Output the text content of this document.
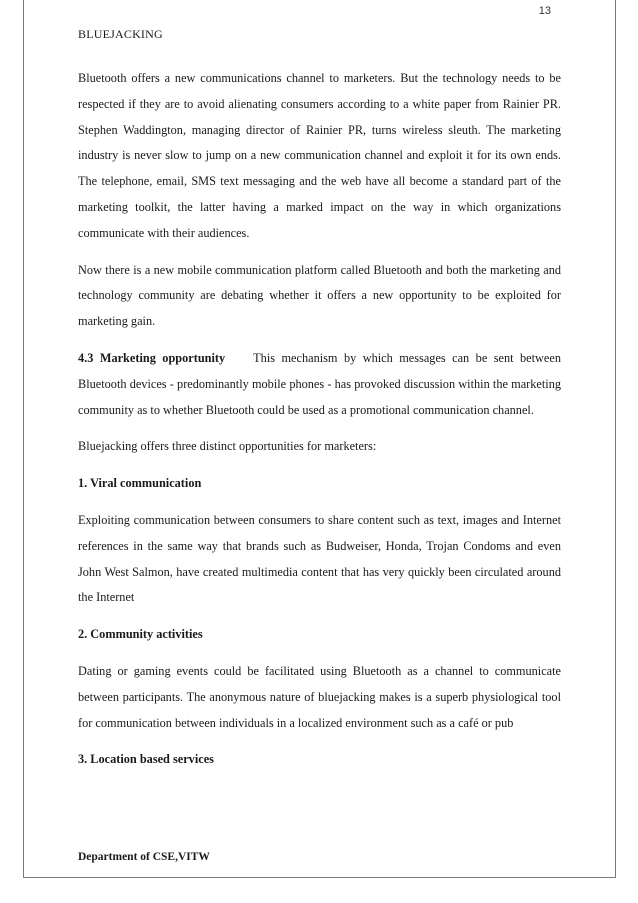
13
BLUEJACKING

Bluetooth offers a new communications channel to marketers. But the technology needs to be respected if they are to avoid alienating consumers according to a white paper from Rainier PR. Stephen Waddington, managing director of Rainier PR, turns wireless sleuth. The marketing industry is never slow to jump on a new communication channel and exploit it for its own ends. The telephone, email, SMS text messaging and the web have all become a standard part of the marketing toolkit, the latter having a marked impact on the way in which organizations communicate with their audiences.

Now there is a new mobile communication platform called Bluetooth and both the marketing and technology community are debating whether it offers a new opportunity to be exploited for marketing gain.

4.3 Marketing opportunity This mechanism by which messages can be sent between Bluetooth devices - predominantly mobile phones - has provoked discussion within the marketing community as to whether Bluetooth could be used as a promotional communication channel.

Bluejacking offers three distinct opportunities for marketers:

1. Viral communication

Exploiting communication between consumers to share content such as text, images and Internet references in the same way that brands such as Budweiser, Honda, Trojan Condoms and even John West Salmon, have created multimedia content that has very quickly been circulated around the Internet

2. Community activities

Dating or gaming events could be facilitated using Bluetooth as a channel to communicate between participants. The anonymous nature of bluejacking makes is a superb physiological tool for communication between individuals in a localized environment such as a café or pub

3. Location based services
Department of CSE,VITW
